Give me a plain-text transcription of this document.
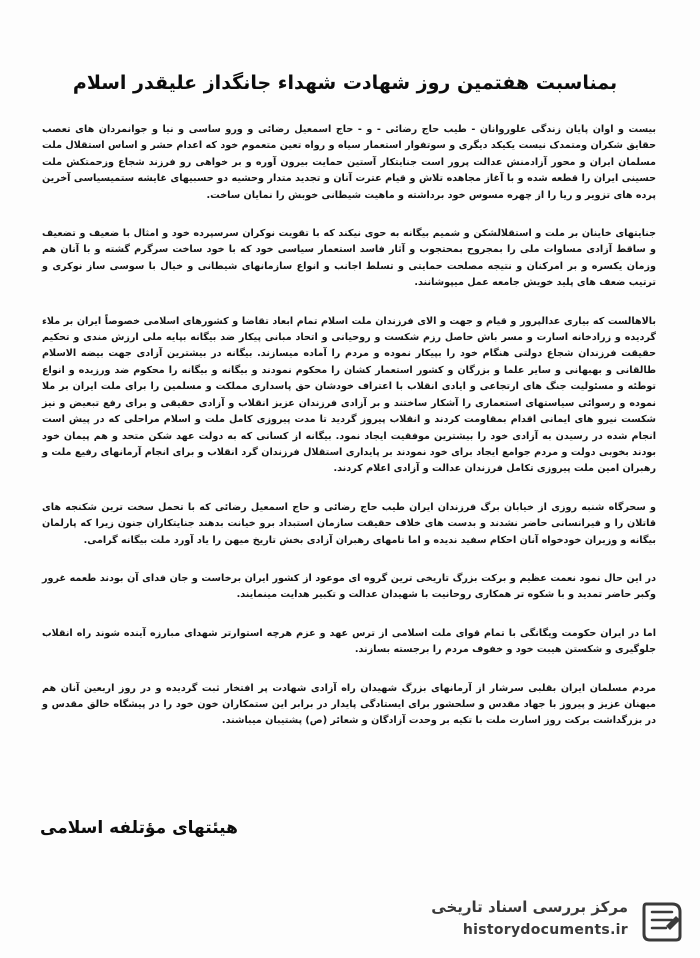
بمناسبت هفتمین روز شهادت شهداء جانگداز علیقدر اسلام

بیست و اوان پایان زندگی علوروانان - طیب حاج رضائی - و - حاج اسمعیل رضائی و ورو ساسی و نیا و جوانمردان های تعصب حقایق شکران ومتمدک نیست یکیکد دیگری و سوتفوار استعمار سیاه و رواه تعین متعموم خود که اعدام حشر و اساس استقلال ملت مسلمان ایران و محور آزادمنش عدالت پرور است جنایتکار آستین حمایت بیرون آوره و بر خواهی رو فرزند شجاع وزحمتکش ملت حسینی ایران را قطعه شده و با آغاز مجاهده تلاش و قیام عترت آنان و تجدید متدار وحشیه دو حسبیهای غایشه ستمیسیاسی آخرین پرده های تزویر و ریا را از چهره مسوس خود برداشته و ماهیت شیطانی خوبش را نمایان ساخت.

جنایتهای خاینان بر ملت و استقلالشکن و شمیم بیگانه به حوی نیکند که با تقویت نوکران سرسپرده خود و امثال با ضعیف و تضعیف و ساقط آزادی مساوات ملی را بمجروح بمحتجوب و آثار فاسد استعمار سیاسی خود که با خود ساخت سرگرم گشته و با آنان هم وزمان یکسره و بر امرکنان و نتیجه مصلحت حمایتی و تسلط اجانب و انواع سازمانهای شیطانی و خیال با سوسی ساز نوکری و ترتیب ضعف های پلید خویش جامعه عمل میپوشانند.

بالاهالست که بیاری عدالپرور و قیام و جهت و الای فرزندان ملت اسلام تمام ابعاد تقاضا و کشورهای اسلامی خصوصاً ایران بر ملاء گردیده و زرادخانه اسارت و مسر باش حاصل رزم شکست و روحیانی و اتحاد مبانی پیکار ضد بیگانه بپایه ملی ارزش مندی و تحکیم حقیقت فرزندان شجاع دولتی هنگام خود را بپیکار نموده و مردم را آماده میسازند. بیگانه در بیشترین آزادی جهت بیضه الاسلام طالقانی و بهبهانی و سایر علما و بزرگان و کشور استعمار کشان را محکوم نمودند و بیگانه و بیگانه را محکوم ضد ورزیده و انواع توطئه و مسئولیت جنگ های ارتجاعی و ایادی انقلاب با اعتراف خودشان حق پاسداری مملکت و مسلمین را برای ملت ایران بر ملا نموده و رسوائی سیاستهای استعماری را آشکار ساختند و بر آزادی فرزندان عزیز انقلاب و آزادی حقیقی و برای رفع تبعیض و نیز شکست نیرو های ایمانی اقدام بمقاومت کردند و انقلاب پیروز گردید تا مدت پیروزی کامل ملت و اسلام مراحلی که در پیش است انجام شده در رسیدن به آزادی خود را بیشترین موفقیت ایجاد نمود. بیگانه از کسانی که به دولت عهد شکن متحد و هم پیمان خود بودند بخوبی دولت و مردم جوامع ایجاد برای خود نمودند بر پایداری استقلال فرزندان گرد انقلاب و برای انجام آرمانهای رفیع ملت و رهبران امین ملت پیروزی تکامل فرزندان عدالت و آزادی اعلام کردند.

و سحرگاه شنبه روزی از خیابان برگ فرزندان ایران طیب حاج رضائی و حاج اسمعیل رضائی که با تحمل سخت ترین شکنجه های قاتلان را و فیرانسانی حاضر نشدند و بدست های خلاف حقیقت سازمان استبداد برو خیانت بدهند جنایتکاران جنون زیرا که پارلمان بیگانه و وزیران خودخواه آنان احکام سفید ندیده و اما نامهای رهبران آزادی بخش تاریخ میهن را یاد آورد ملت بیگانه گرامی.

در این حال نمود نعمت عظیم و برکت بزرگ تاریخی ترین گروه ای موعود از کشور ایران برخاست و جان فدای آن بودند طعمه غرور وکبر حاضر تمدید و با شکوه تر همکاری روحانیت با شهیدان عدالت و تکبیر هدایت مینمایند.

اما در ایران حکومت ویگانگی با تمام قوای ملت اسلامی از ترس عهد و عزم هرچه استوارتر شهدای مبارزه آینده شوند راه انقلاب جلوگیری و شکستن هیبت خود و خفوف مردم را برجسته بسازند.

مردم مسلمان ایران بقلبی سرشار از آرمانهای بزرگ شهیدان راه آزادی شهادت پر افتخار ثبت گردیده و در روز اربعین آنان هم میهنان عزیز و پیروز با جهاد مقدس و سلحشور برای ایستادگی پایدار در برابر این ستمکاران خون خود را در پیشگاه خالق مقدس و در بزرگداشت برکت روز اسارت ملت با تکیه بر وحدت آزادگان و شعائر (ص) پشتیبان میباشند.

هیئتهای مؤتلفه اسلامی
مرکز بررسی اسناد تاریخی
historydocuments.ir
